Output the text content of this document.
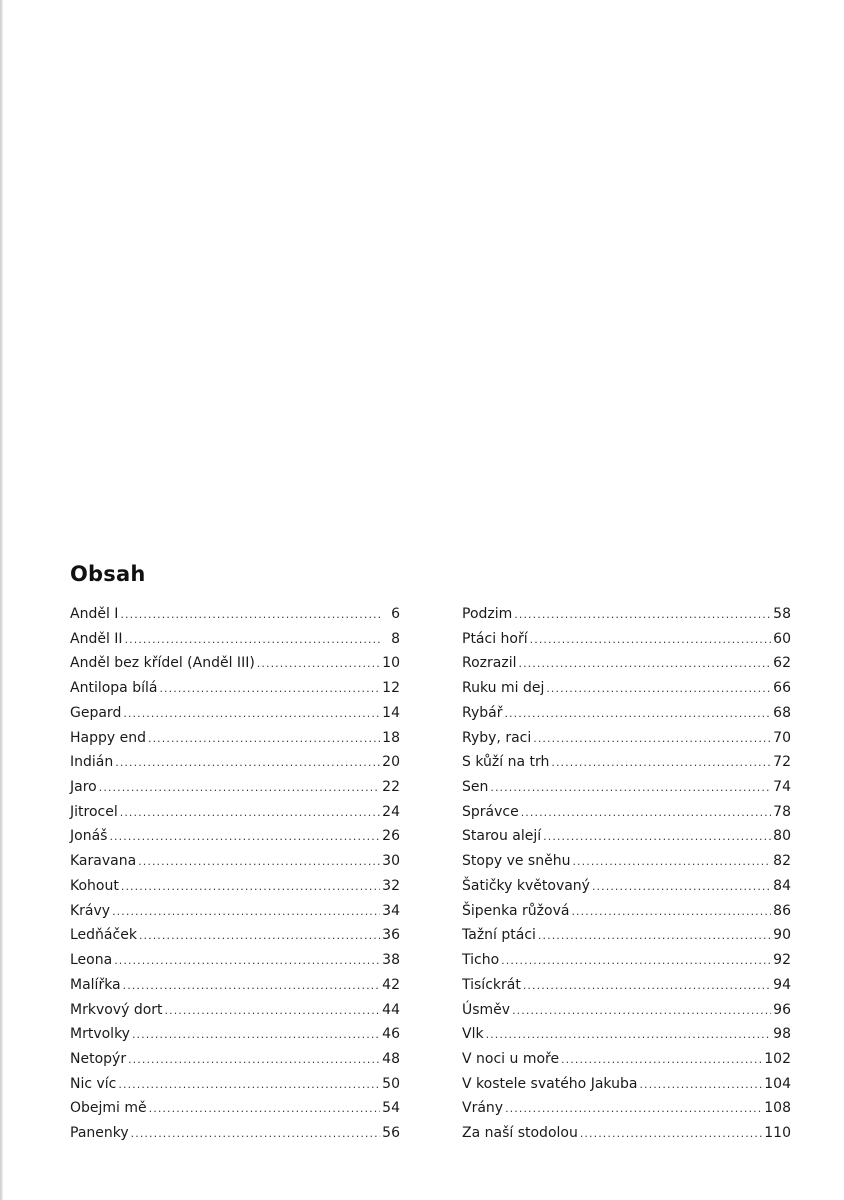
Obsah
Anděl I . . .	6
Anděl II . . .	8
Anděl bez křídel (Anděl III) . . .	10
Antilopa bílá . . .	12
Gepard . . .	14
Happy end . . .	18
Indián . . .	20
Jaro . . .	22
Jitrocel . . .	24
Jonáš . . .	26
Karavana . . .	30
Kohout . . .	32
Krávy . . .	34
Ledňáček . . .	36
Leona . . .	38
Malířka . . .	42
Mrkvový dort . . .	44
Mrtvolky . . .	46
Netopýr . . .	48
Nic víc . . .	50
Obejmi mě . . .	54
Panenky . . .	56
Podzim . . .	58
Ptáci hoří . . .	60
Rozrazil . . .	62
Ruku mi dej . . .	66
Rybář . . .	68
Ryby, raci . . .	70
S kůží na trh . . .	72
Sen . . .	74
Správce . . .	78
Starou alejí . . .	80
Stopy ve sněhu . . .	82
Šatičky květovaný . . .	84
Šipenka růžová . . .	86
Tažní ptáci . . .	90
Ticho . . .	92
Tisíckrát . . .	94
Úsměv . . .	96
Vlk . . .	98
V noci u moře . . .	102
V kostele svatého Jakuba . . .	104
Vrány . . .	108
Za naší stodolou . . .	110
